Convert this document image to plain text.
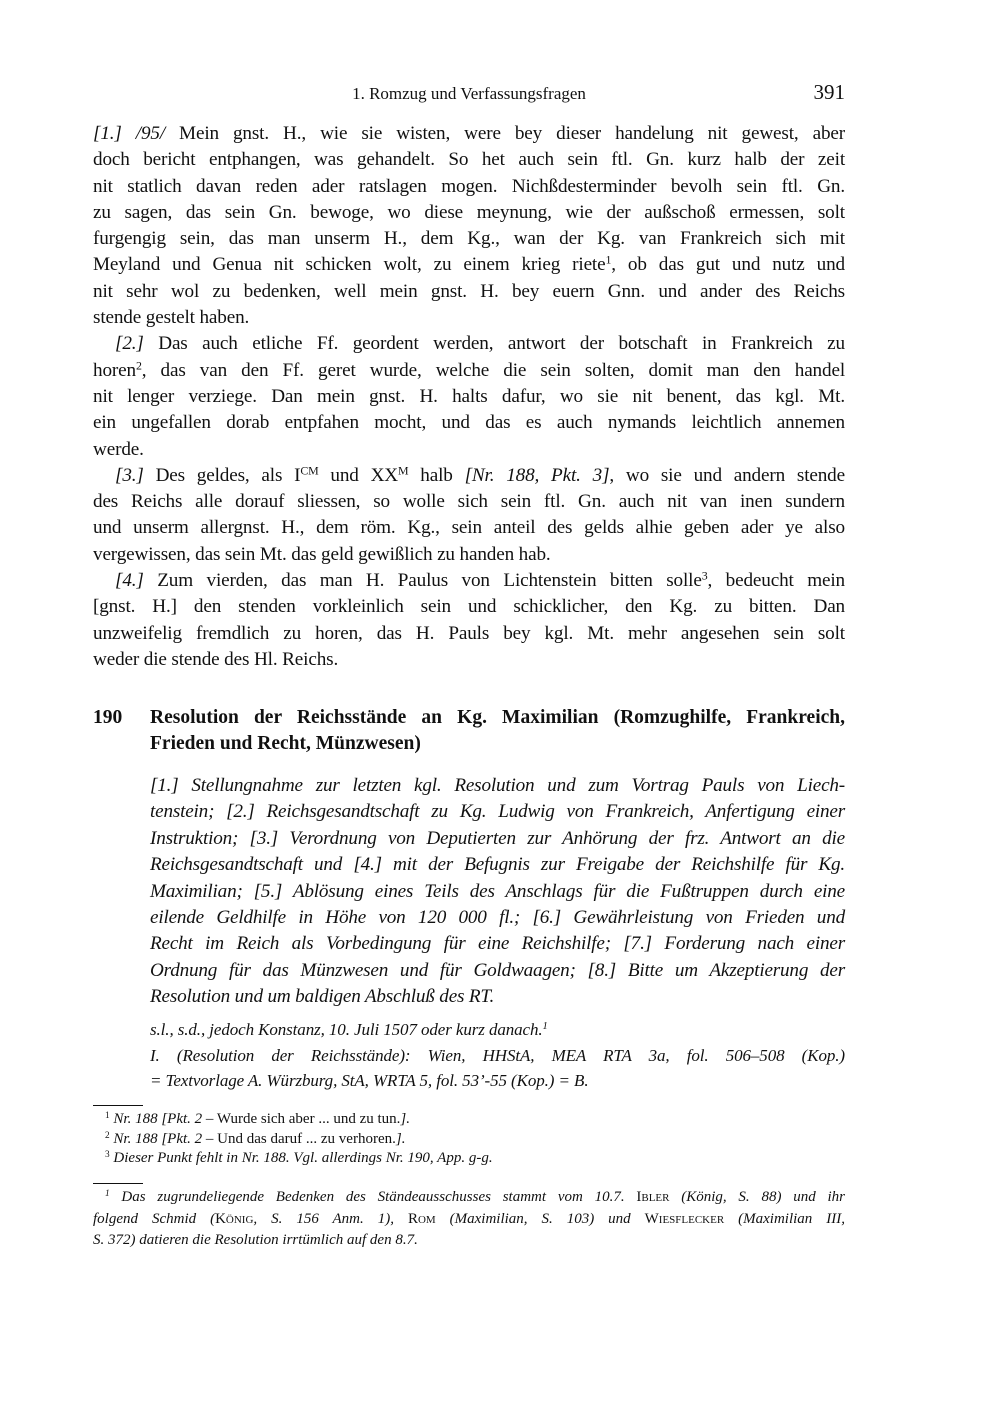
1. Romzug und Verfassungsfragen	391
[1.] /95/ Mein gnst. H., wie sie wisten, were bey dieser handelung nit gewest, aber
doch bericht entphangen, was gehandelt. So het auch sein ftl. Gn. kurz halb der zeit
nit statlich davan reden ader ratslagen mogen. Nichßdesterminder bevolh sein ftl. Gn.
zu sagen, das sein Gn. bewoge, wo diese meynung, wie der außschoß ermessen, solt
furgengig sein, das man unserm H., dem Kg., wan der Kg. van Frankreich sich mit
Meyland und Genua nit schicken wolt, zu einem krieg riete$^1$, ob das gut und nutz und
nit sehr wol zu bedenken, well mein gnst. H. bey euern Gnn. und ander des Reichs
stende gestelt haben.
[2.] Das auch etliche Ff. geordent werden, antwort der botschaft in Frankreich zu
horen$^2$, das van den Ff. geret wurde, welche die sein solten, domit man den handel
nit lenger verziege. Dan mein gnst. H. halts dafur, wo sie nit benent, das kgl. Mt.
ein ungefallen dorab entpfahen mocht, und das es auch nymands leichtlich annemen
werde.
[3.] Des geldes, als $I^{CM}$ und $XX^M$ halb [Nr. 188, Pkt. 3], wo sie und andern stende
des Reichs alle dorauf sliessen, so wolle sich sein ftl. Gn. auch nit van inen sundern
und unserm allergnst. H., dem röm. Kg., sein anteil des gelds alhie geben ader ye also
vergewissen, das sein Mt. das geld gewißlich zu handen hab.
[4.] Zum vierden, das man H. Paulus von Lichtenstein bitten solle$^3$, bedeucht mein
[gnst. H.] den stenden vorkleinlich sein und schicklicher, den Kg. zu bitten. Dan
unzweifelig fremdlich zu horen, das H. Pauls bey kgl. Mt. mehr angesehen sein solt
weder die stende des Hl. Reichs.
190 Resolution der Reichsstände an Kg. Maximilian (Romzughilfe, Frankreich,
Frieden und Recht, Münzwesen)
[1.] Stellungnahme zur letzten kgl. Resolution und zum Vortrag Pauls von Liech-
tenstein; [2.] Reichsgesandtschaft zu Kg. Ludwig von Frankreich, Anfertigung einer
Instruktion; [3.] Verordnung von Deputierten zur Anhörung der frz. Antwort an die
Reichsgesandtschaft und [4.] mit der Befugnis zur Freigabe der Reichshilfe für Kg.
Maximilian; [5.] Ablösung eines Teils des Anschlags für die Fußtruppen durch eine
eilende Geldhilfe in Höhe von 120 000 fl.; [6.] Gewährleistung von Frieden und
Recht im Reich als Vorbedingung für eine Reichshilfe; [7.] Forderung nach einer
Ordnung für das Münzwesen und für Goldwaagen; [8.] Bitte um Akzeptierung der
Resolution und um baldigen Abschluß des RT.
s.l., s.d., jedoch Konstanz, 10. Juli 1507 oder kurz danach.$^1$
I. (Resolution der Reichsstände): Wien, HHStA, MEA RTA 3a, fol. 506–508 (Kop.)
= Textvorlage A. Würzburg, StA, WRTA 5, fol. 53’-55 (Kop.) = B.
$^1$ Nr. 188 [Pkt. 2 – Wurde sich aber ... und zu tun.].
$^2$ Nr. 188 [Pkt. 2 – Und das daruf ... zu verhoren.].
$^3$ Dieser Punkt fehlt in Nr. 188. Vgl. allerdings Nr. 190, App. g-g.
$^1$ Das zugrundeliegende Bedenken des Ständeausschusses stammt vom 10.7. Ibler (König, S. 88) und ihr
folgend Schmid (König, S. 156 Anm. 1), Rom (Maximilian, S. 103) und Wiesflecker (Maximilian III,
S. 372) datieren die Resolution irrtümlich auf den 8.7.
